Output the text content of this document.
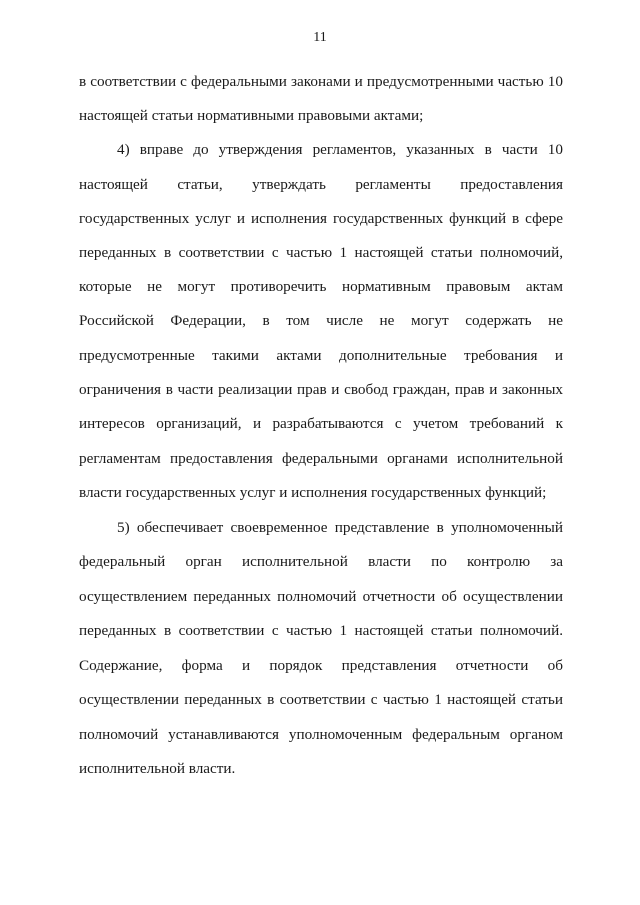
11
в соответствии с федеральными законами и предусмотренными частью 10
настоящей статьи нормативными правовыми актами;
4) вправе до утверждения регламентов, указанных в части 10
настоящей статьи, утверждать регламенты предоставления
государственных услуг и исполнения государственных функций в сфере
переданных в соответствии с частью 1 настоящей статьи полномочий,
которые не могут противоречить нормативным правовым актам
Российской Федерации, в том числе не могут содержать не
предусмотренные такими актами дополнительные требования и
ограничения в части реализации прав и свобод граждан, прав и законных
интересов организаций, и разрабатываются с учетом требований к
регламентам предоставления федеральными органами исполнительной
власти государственных услуг и исполнения государственных функций;
5) обеспечивает своевременное представление в уполномоченный
федеральный орган исполнительной власти по контролю за
осуществлением переданных полномочий отчетности об осуществлении
переданных в соответствии с частью 1 настоящей статьи полномочий.
Содержание, форма и порядок представления отчетности об
осуществлении переданных в соответствии с частью 1 настоящей статьи
полномочий устанавливаются уполномоченным федеральным органом
исполнительной власти.
